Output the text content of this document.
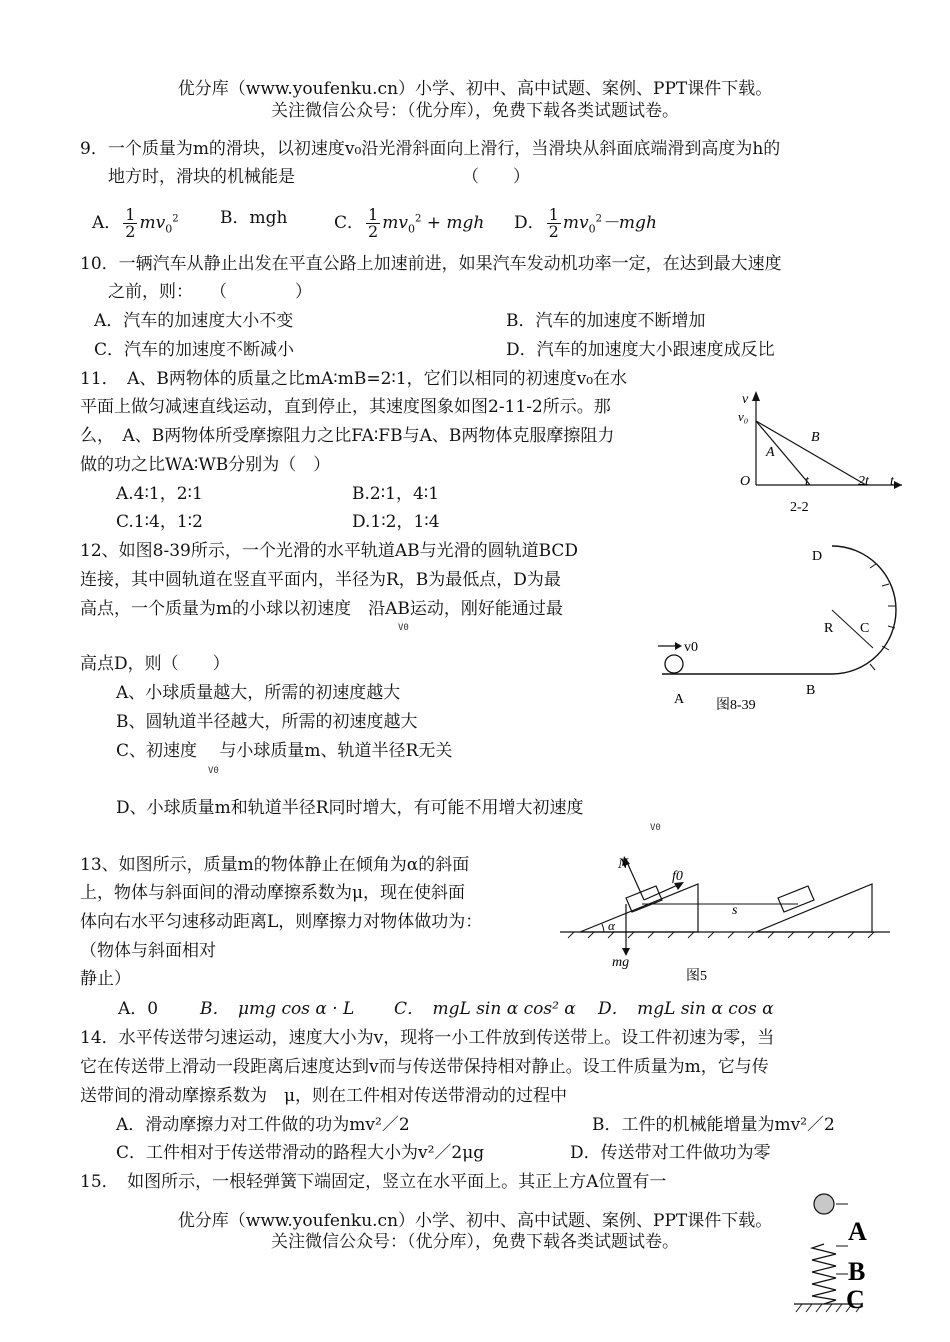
优分库（www.youfenku.cn）小学、初中、高中试题、案例、PPT课件下载。
关注微信公众号：（优分库），免费下载各类试题试卷。
9．一个质量为m的滑块，以初速度v₀沿光滑斜面向上滑行，当滑块从斜面底端滑到高度为h的
地方时，滑块的机械能是	（　　）
A． $\frac{1}{2} mv_0^2$ B．mgh	C． $\frac{1}{2} mv_0^2$ + mgh D． $\frac{1}{2} mv_0^2-mgh$
10．一辆汽车从静止出发在平直公路上加速前进，如果汽车发动机功率一定，在达到最大速度
之前，则：　　（　　　　）
A．汽车的加速度大小不变	B．汽车的加速度不断增加
C．汽车的加速度不断减小	D．汽车的加速度大小跟速度成反比
11．　A、B两物体的质量之比mA∶mB=2∶1，它们以相同的初速度v₀在水
平面上做匀减速直线运动，直到停止，其速度图象如图2-11-2所示。那
么，　A、B两物体所受摩擦阻力之比FA∶FB与A、B两物体克服摩擦阻力
做的功之比WA∶WB分别为（　）
A.4∶1，2∶1	B.2∶1，4∶1
C.1∶4，1∶2	D.1∶2，1∶4
v
v₀
A
B
O	t	2t t
2-2
12、如图8-39所示，一个光滑的水平轨道AB与光滑的圆轨道BCD
连接，其中圆轨道在竖直平面内，半径为R，B为最低点，D为最
高点，一个质量为m的小球以初速度　沿AB运动，刚好能通过最
V0
高点D，则（　　）
A、小球质量越大，所需的初速度越大
B、圆轨道半径越大，所需的初速度越大
C、初速度　 与小球质量m、轨道半径R无关
V0
D、小球质量m和轨道半径R同时增大，有可能不用增大初速度
V0
v0
D
C
R
A
B
图8-39
13、如图所示，质量m的物体静止在倾角为α的斜面
上，物体与斜面间的滑动摩擦系数为μ，现在使斜面
体向右水平匀速移动距离L，则摩擦力对物体做功为：
（物体与斜面相对
静止）
A．0 B．　μmg cos α · L C．　mgL sin α cos² α D．　mgL sin α cos α
N
f0
s
mg
α
图5
14．水平传送带匀速运动，速度大小为v，现将一小工件放到传送带上。设工件初速为零，当
它在传送带上滑动一段距离后速度达到v而与传送带保持相对静止。设工件质量为m，它与传
送带间的滑动摩擦系数为　μ，则在工件相对传送带滑动的过程中
A．滑动摩擦力对工件做的功为mv²／2	B．工件的机械能增量为mv²／2
C．工件相对于传送带滑动的路程大小为v²／2μg	D．传送带对工件做功为零
15．　如图所示，一根轻弹簧下端固定，竖立在水平面上。其正上方A位置有一
优分库（www.youfenku.cn）小学、初中、高中试题、案例、PPT课件下载。
关注微信公众号：（优分库），免费下载各类试题试卷。	A
B
C
